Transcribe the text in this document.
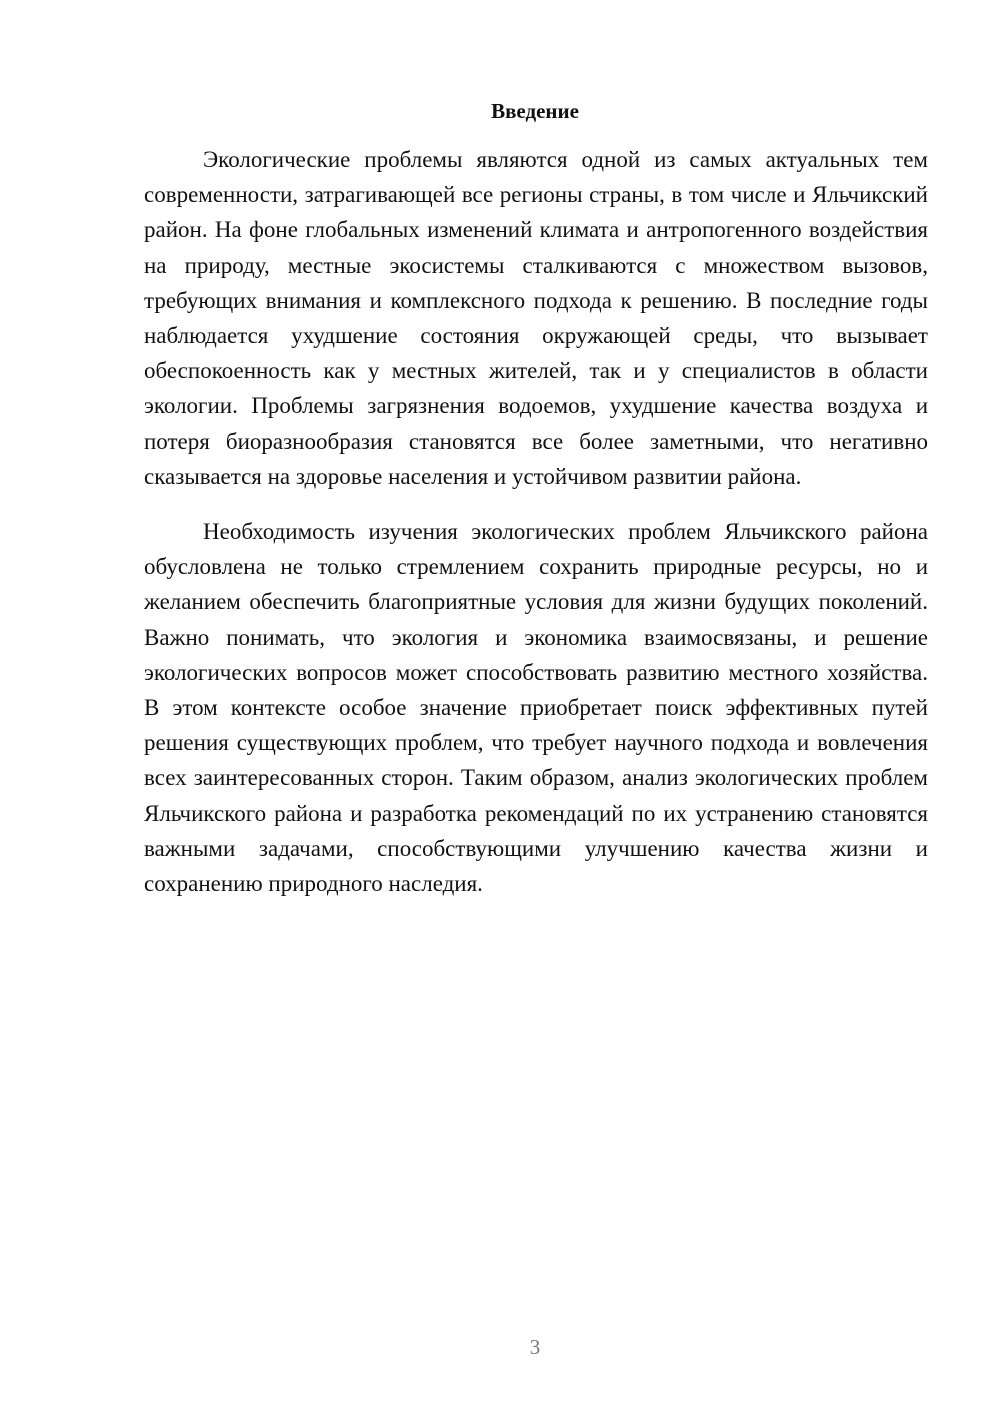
Введение

Экологические проблемы являются одной из самых актуальных тем современности, затрагивающей все регионы страны, в том числе и Яльчикский район. На фоне глобальных изменений климата и антропогенного воздействия на природу, местные экосистемы сталкиваются с множеством вызовов, требующих внимания и комплексного подхода к решению. В последние годы наблюдается ухудшение состояния окружающей среды, что вызывает обеспокоенность как у местных жителей, так и у специалистов в области экологии. Проблемы загрязнения водоемов, ухудшение качества воздуха и потеря биоразнообразия становятся все более заметными, что негативно сказывается на здоровье населения и устойчивом развитии района.

Необходимость изучения экологических проблем Яльчикского района обусловлена не только стремлением сохранить природные ресурсы, но и желанием обеспечить благоприятные условия для жизни будущих поколений. Важно понимать, что экология и экономика взаимосвязаны, и решение экологических вопросов может способствовать развитию местного хозяйства. В этом контексте особое значение приобретает поиск эффективных путей решения существующих проблем, что требует научного подхода и вовлечения всех заинтересованных сторон. Таким образом, анализ экологических проблем Яльчикского района и разработка рекомендаций по их устранению становятся важными задачами, способствующими улучшению качества жизни и сохранению природного наследия.

3
